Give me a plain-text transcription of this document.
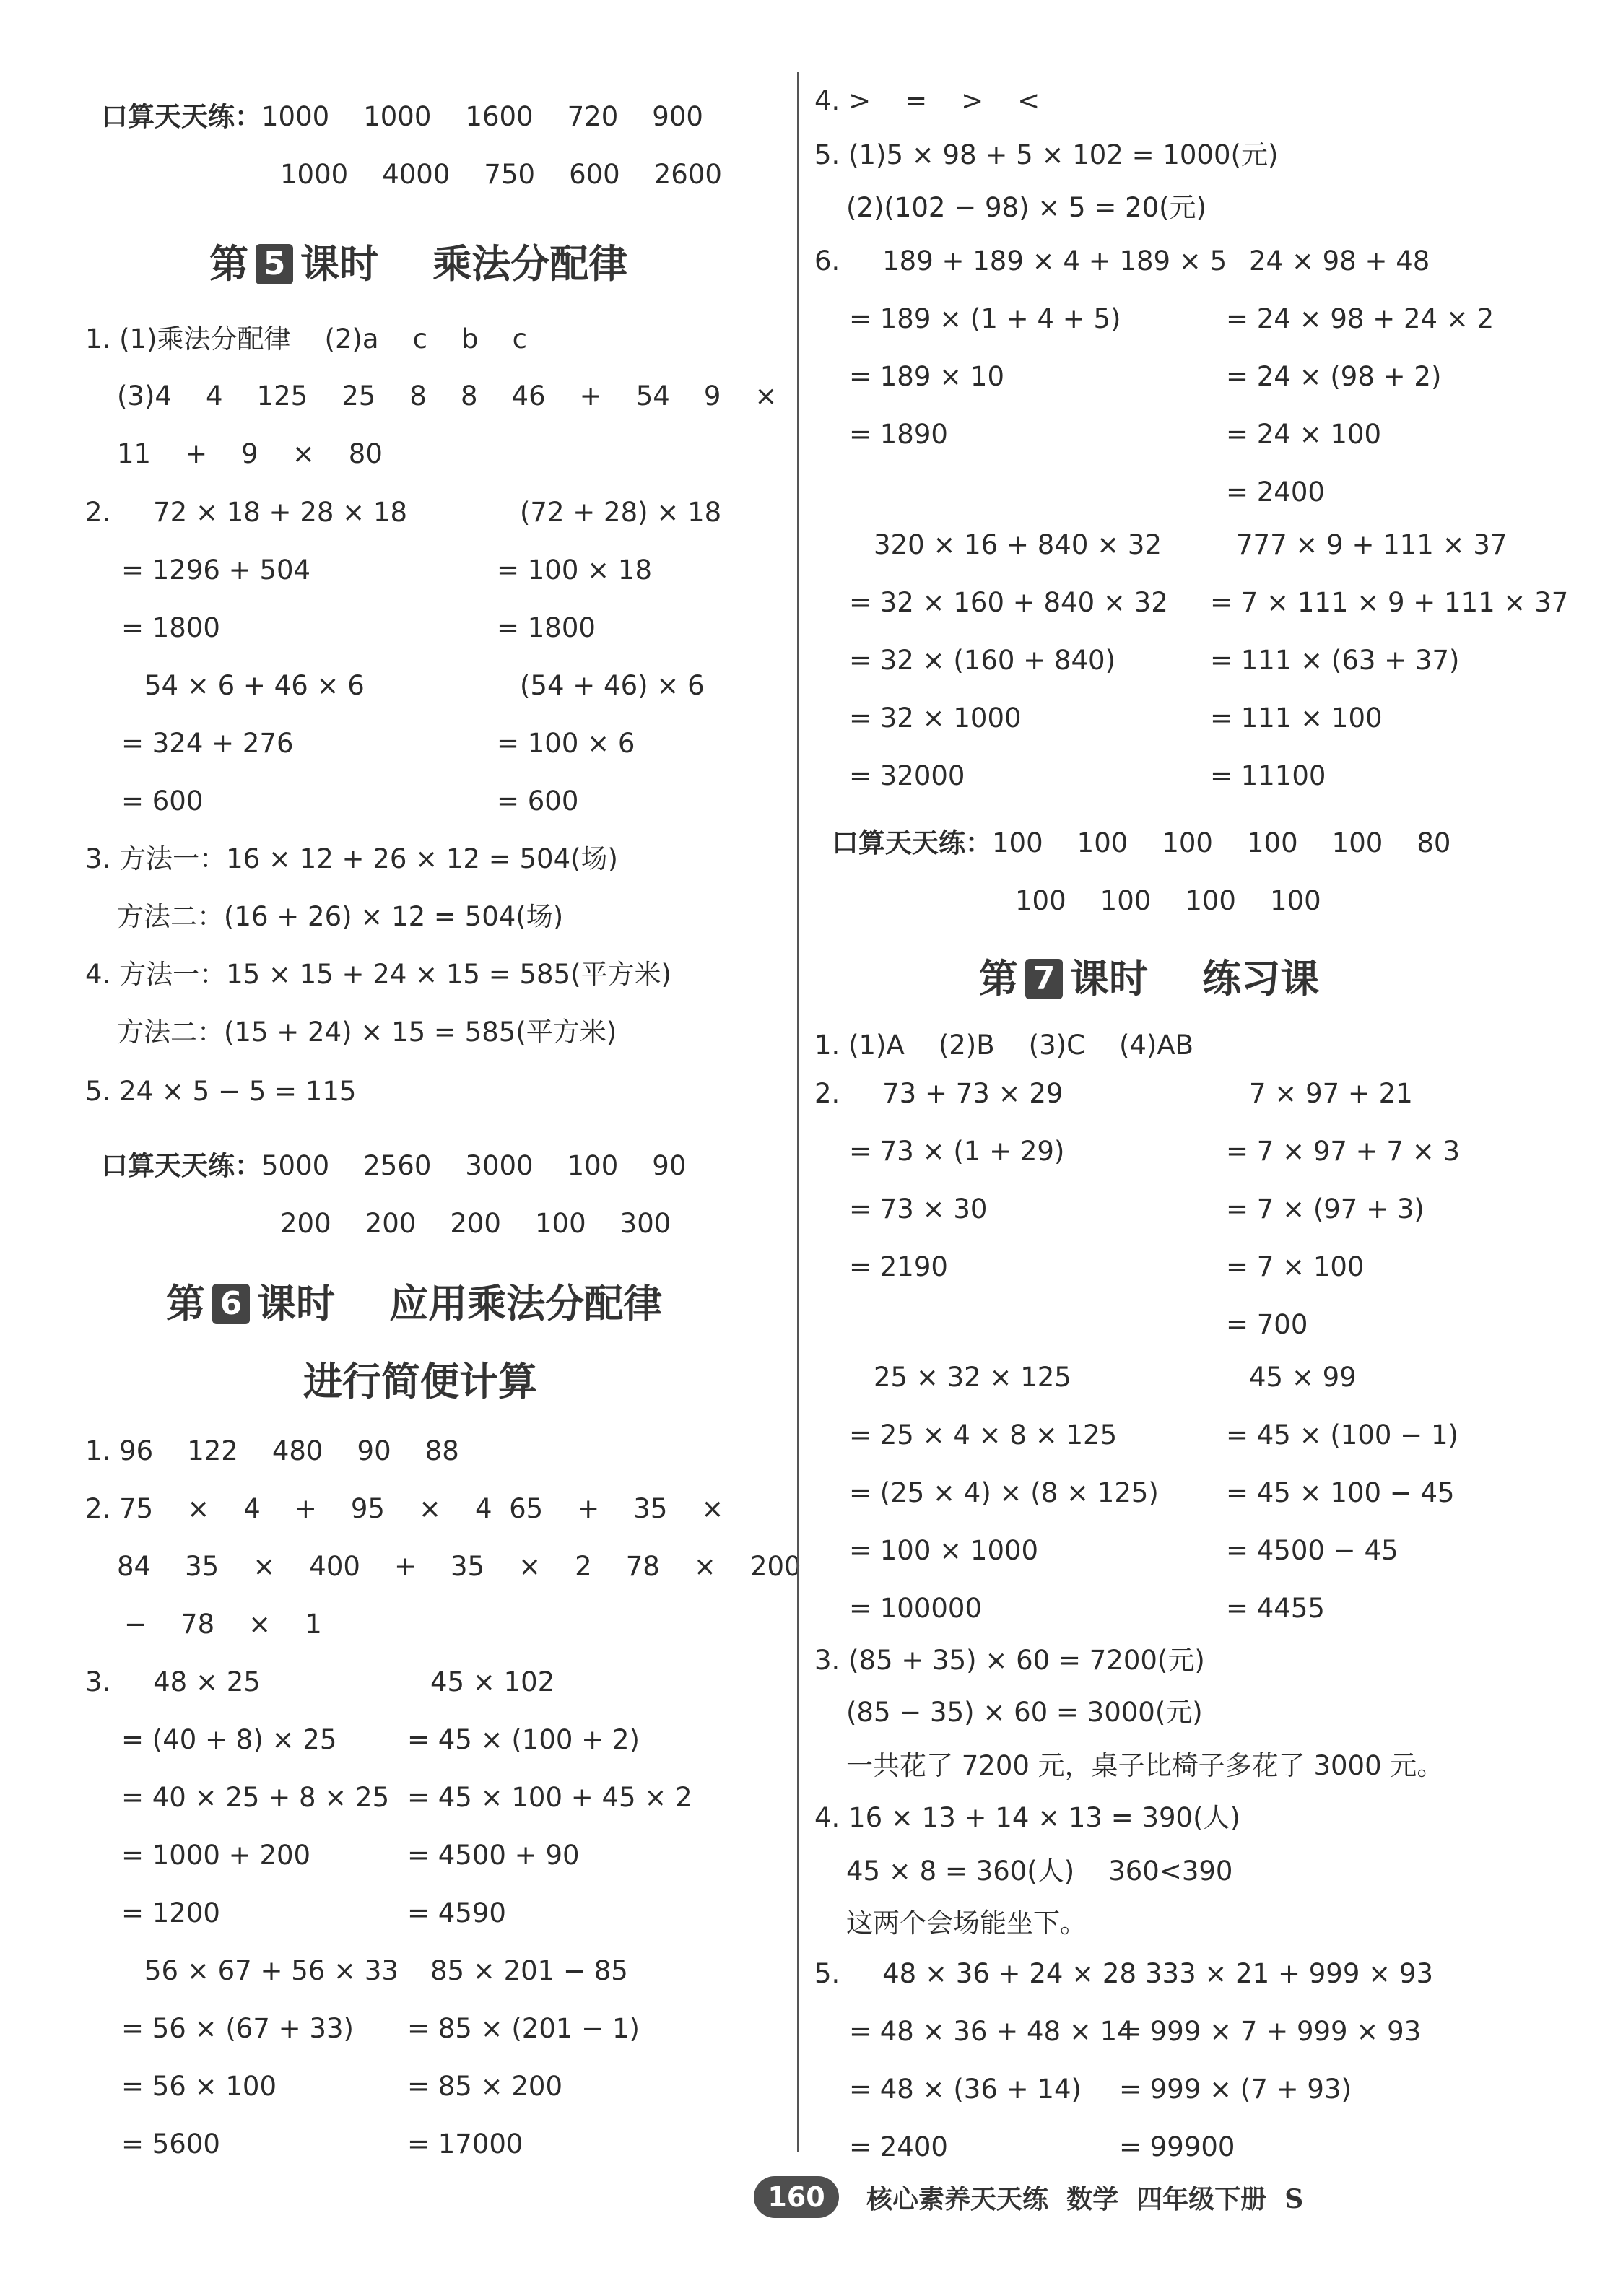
口算天天练：1000    1000    1600    720    900
1000    4000    750    600    2600
第 5 课时    乘法分配律
1. (1)乘法分配律    (2)a    c    b    c
(3)4    4    125    25    8    8    46    +    54    9    ×
11    +    9    ×    80
2.     72 × 18 + 28 × 18
= 1296 + 504
= 1800
(72 + 28) × 18
= 100 × 18
= 1800
54 × 6 + 46 × 6
= 324 + 276
= 600
(54 + 46) × 6
= 100 × 6
= 600
3. 方法一：16 × 12 + 26 × 12 = 504(场)
方法二：(16 + 26) × 12 = 504(场)
4. 方法一：15 × 15 + 24 × 15 = 585(平方米)
方法二：(15 + 24) × 15 = 585(平方米)
5. 24 × 5 − 5 = 115
口算天天练：5000    2560    3000    100    90
200    200    200    100    300
第 6 课时    应用乘法分配律
进行简便计算
1. 96    122    480    90    88
2. 75    ×    4    +    95    ×    4  65    +    35    ×
84    35    ×    400    +    35    ×    2    78    ×    200
−    78    ×    1
3.     48 × 25
= (40 + 8) × 25
= 40 × 25 + 8 × 25
= 1000 + 200
= 1200
45 × 102
= 45 × (100 + 2)
= 45 × 100 + 45 × 2
= 4500 + 90
= 4590
56 × 67 + 56 × 33
= 56 × (67 + 33)
= 56 × 100
= 5600
85 × 201 − 85
= 85 × (201 − 1)
= 85 × 200
= 17000
4. >    =    >    <
5. (1)5 × 98 + 5 × 102 = 1000(元)
(2)(102 − 98) × 5 = 20(元)
6.     189 + 189 × 4 + 189 × 5
= 189 × (1 + 4 + 5)
= 189 × 10
= 1890
24 × 98 + 48
= 24 × 98 + 24 × 2
= 24 × (98 + 2)
= 24 × 100
= 2400
320 × 16 + 840 × 32
= 32 × 160 + 840 × 32
= 32 × (160 + 840)
= 32 × 1000
= 32000
777 × 9 + 111 × 37
= 7 × 111 × 9 + 111 × 37
= 111 × (63 + 37)
= 111 × 100
= 11100
口算天天练：100    100    100    100    100    80
100    100    100    100
第 7 课时    练习课
1. (1)A    (2)B    (3)C    (4)AB
2.     73 + 73 × 29
= 73 × (1 + 29)
= 73 × 30
= 2190
7 × 97 + 21
= 7 × 97 + 7 × 3
= 7 × (97 + 3)
= 7 × 100
= 700
25 × 32 × 125
= 25 × 4 × 8 × 125
= (25 × 4) × (8 × 125)
= 100 × 1000
= 100000
45 × 99
= 45 × (100 − 1)
= 45 × 100 − 45
= 4500 − 45
= 4455
3. (85 + 35) × 60 = 7200(元)
(85 − 35) × 60 = 3000(元)
一共花了 7200 元，桌子比椅子多花了 3000 元。
4. 16 × 13 + 14 × 13 = 390(人)
45 × 8 = 360(人)    360<390
这两个会场能坐下。
5.     48 × 36 + 24 × 28
= 48 × 36 + 48 × 14
= 48 × (36 + 14)
= 2400
333 × 21 + 999 × 93
= 999 × 7 + 999 × 93
= 999 × (7 + 93)
= 99900
160	核心素养天天练  数学  四年级下册  S
